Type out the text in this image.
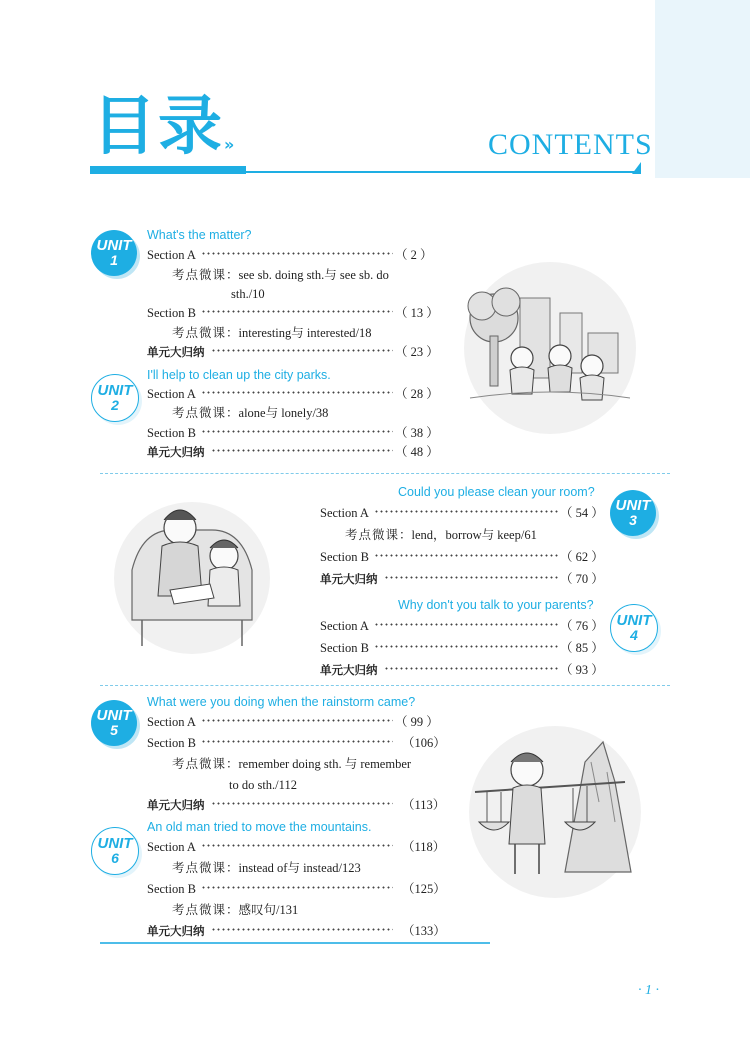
目录 »	CONTENTS
UNIT
1
What's the matter?
Section A	（ 2 ）
考点微课：see sb. doing sth.与 see sb. do
sth./10
Section B	（ 13 ）
考点微课：interesting与 interested/18
单元大归纳	（ 23 ）
UNIT
2
I'll help to clean up the city parks.
Section A	（ 28 ）
考点微课：alone与 lonely/38
Section B	（ 38 ）
单元大归纳	（ 48 ）
Could you please clean your room?
UNIT
3
Section A	（ 54 ）
考点微课：lend，borrow与 keep/61
Section B	（ 62 ）
单元大归纳	（ 70 ）
Why don't you talk to your parents?
UNIT
4
Section A	（ 76 ）
Section B	（ 85 ）
单元大归纳	（ 93 ）
UNIT
5
What were you doing when the rainstorm came?
Section A	（ 99 ）
Section B	（106）
考点微课：remember doing sth. 与 remember
to do sth./112
单元大归纳	（113）
UNIT
6
An old man tried to move the mountains.
Section A	（118）
考点微课：instead of与 instead/123
Section B	（125）
考点微课：感叹句/131
单元大归纳	（133）
· 1 ·
